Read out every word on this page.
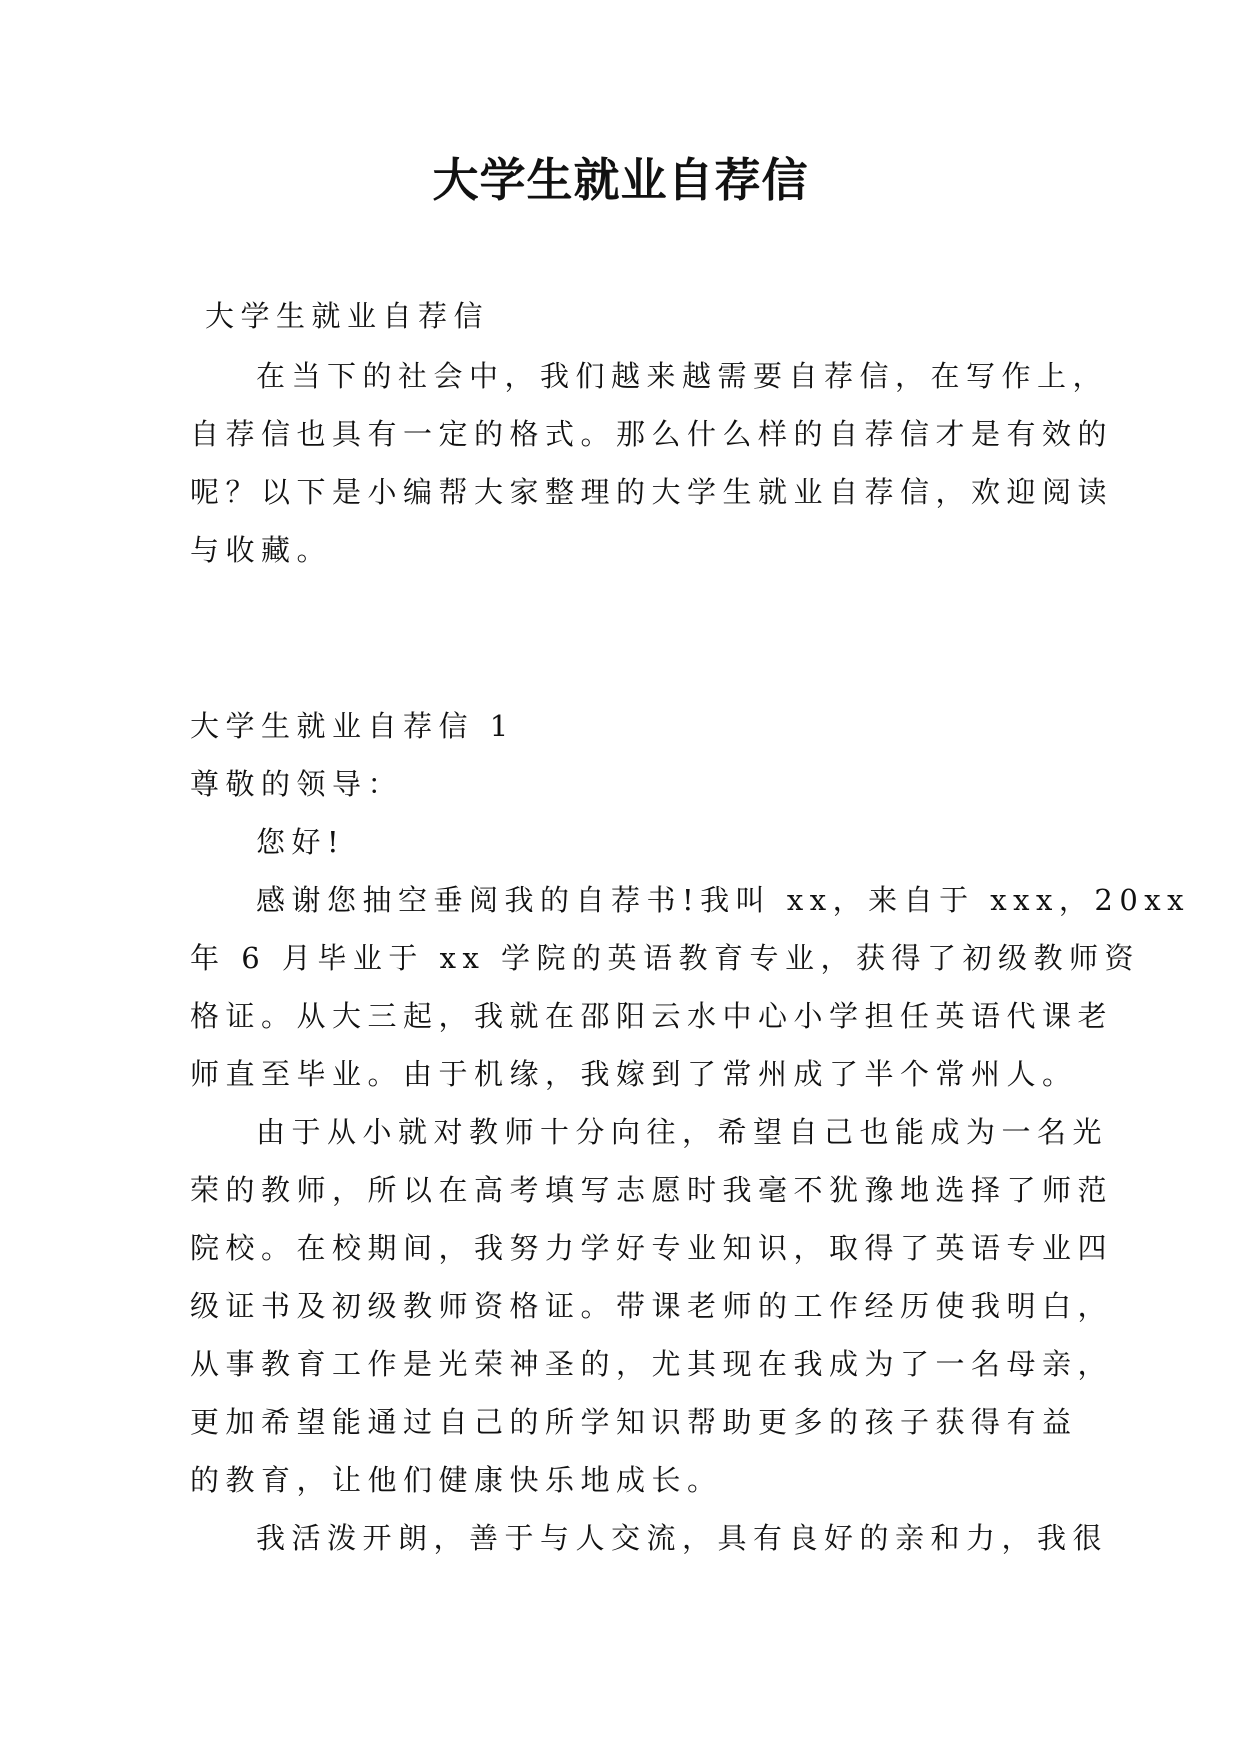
大学生就业自荐信
大学生就业自荐信
在当下的社会中，我们越来越需要自荐信，在写作上，
自荐信也具有一定的格式。那么什么样的自荐信才是有效的
呢？以下是小编帮大家整理的大学生就业自荐信，欢迎阅读
与收藏。
大学生就业自荐信 1
尊敬的领导：
您好!
感谢您抽空垂阅我的自荐书!我叫 xx，来自于 xxx，20xx
年 6 月毕业于 xx 学院的英语教育专业，获得了初级教师资
格证。从大三起，我就在邵阳云水中心小学担任英语代课老
师直至毕业。由于机缘，我嫁到了常州成了半个常州人。
由于从小就对教师十分向往，希望自己也能成为一名光
荣的教师，所以在高考填写志愿时我毫不犹豫地选择了师范
院校。在校期间，我努力学好专业知识，取得了英语专业四
级证书及初级教师资格证。带课老师的工作经历使我明白，
从事教育工作是光荣神圣的，尤其现在我成为了一名母亲，
更加希望能通过自己的所学知识帮助更多的孩子获得有益
的教育，让他们健康快乐地成长。
我活泼开朗，善于与人交流，具有良好的亲和力，我很
